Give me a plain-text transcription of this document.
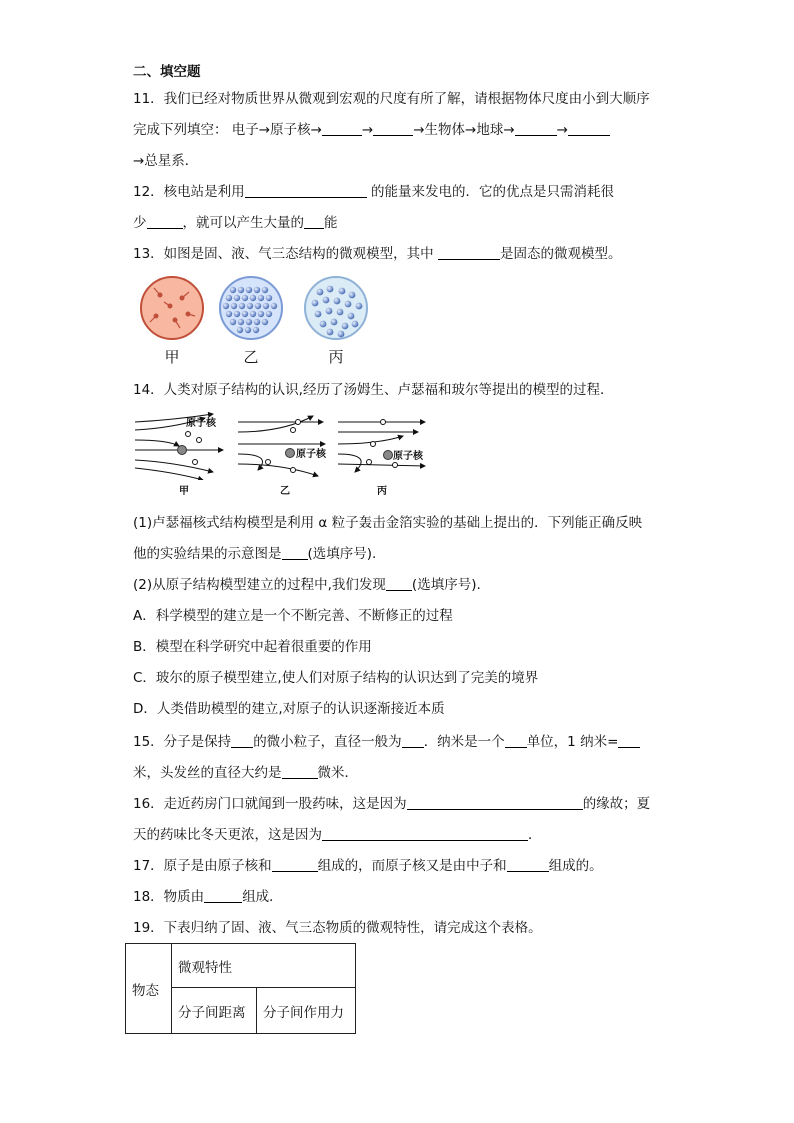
二、填空题
11．我们已经对物质世界从微观到宏观的尺度有所了解，请根据物体尺度由小到大顺序
完成下列填空： 电子→原子核→	→	→生物体→地球→	→
→总星系．
12．核电站是利用	的能量来发电的．它的优点是只需消耗很
少	，就可以产生大量的 能
13．如图是固、液、气三态结构的微观模型，其中	是固态的微观模型。
甲	乙	丙
14．人类对原子结构的认识,经历了汤姆生、卢瑟福和玻尔等提出的模型的过程．
原子核
原子核	原子核
甲	乙	丙
(1)卢瑟福核式结构模型是利用 α 粒子轰击金箔实验的基础上提出的．下列能正确反映
他的实验结果的示意图是 (选填序号).
(2)从原子结构模型建立的过程中,我们发现 (选填序号).
A．科学模型的建立是一个不断完善、不断修正的过程
B．模型在科学研究中起着很重要的作用
C．玻尔的原子模型建立,使人们对原子结构的认识达到了完美的境界
D．人类借助模型的建立,对原子的认识逐渐接近本质
15．分子是保持 的微小粒子，直径一般为 ．纳米是一个 单位，1 纳米=
米，头发丝的直径大约是	微米．
16．走近药房门口就闻到一股药味，这是因为	的缘故；夏
天的药味比冬天更浓，这是因为	．
17．原子是由原子核和	组成的，而原子核又是由中子和	组成的。
18．物质由	组成．
19．下表归纳了固、液、气三态物质的微观特性，请完成这个表格。
物态	微观特性	
	分子间距离	分子间作用力
